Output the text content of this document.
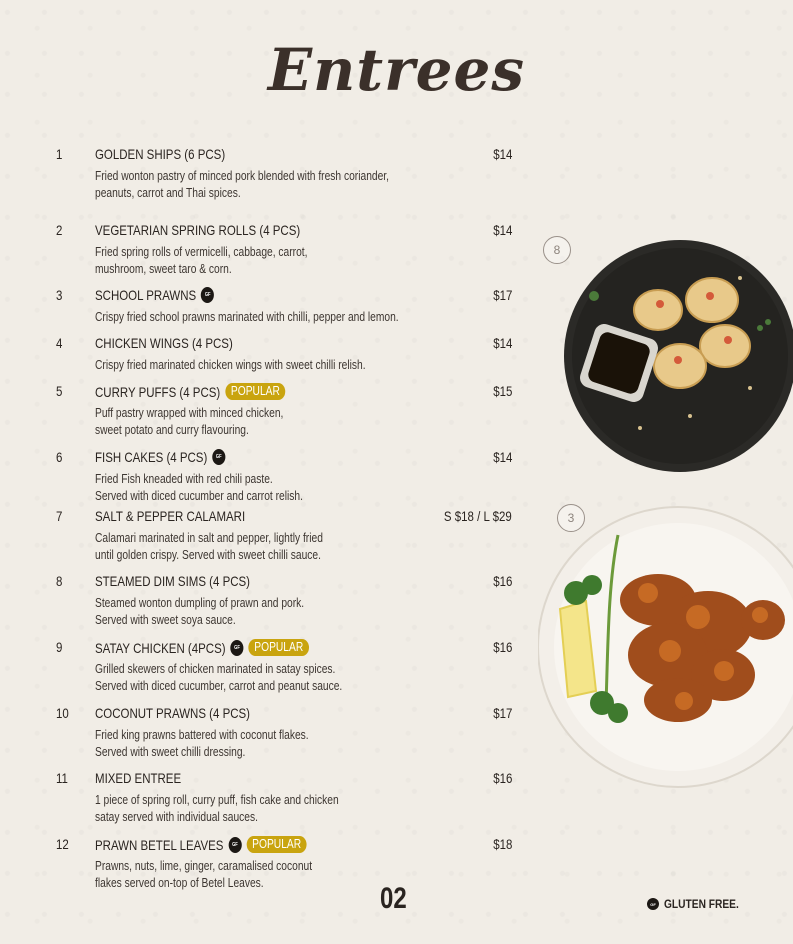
Entrees
1 GOLDEN SHIPS (6 PCS)	$14
Fried wonton pastry of minced pork blended with fresh coriander,
peanuts, carrot and Thai spices.
2 VEGETARIAN SPRING ROLLS (4 PCS)	$14
Fried spring rolls of vermicelli, cabbage, carrot,
mushroom, sweet taro & corn.
3 SCHOOL PRAWNS	GF	$17
Crispy fried school prawns marinated with chilli, pepper and lemon.
4 CHICKEN WINGS (4 PCS)	$14
Crispy fried marinated chicken wings with sweet chilli relish.
5 CURRY PUFFS (4 PCS) POPULAR	$15
Puff pastry wrapped with minced chicken,
sweet potato and curry flavouring.
6 FISH CAKES (4 PCS)	GF	$14
Fried Fish kneaded with red chili paste.
Served with diced cucumber and carrot relish.
7 SALT & PEPPER CALAMARI	S $18 / L $29
Calamari marinated in salt and pepper, lightly fried
until golden crispy. Served with sweet chilli sauce.
8 STEAMED DIM SIMS (4 PCS)	$16
Steamed wonton dumpling of prawn and pork.
Served with sweet soya sauce.
9 SATAY CHICKEN (4PCS)	GF	POPULAR	$16
Grilled skewers of chicken marinated in satay spices.
Served with diced cucumber, carrot and peanut sauce.
10 COCONUT PRAWNS (4 PCS)	$17
Fried king prawns battered with coconut flakes.
Served with sweet chilli dressing.
11 MIXED ENTREE	$16
1 piece of spring roll, curry puff, fish cake and chicken
satay served with individual sauces.
12 PRAWN BETEL LEAVES	GF	POPULAR	$18
Prawns, nuts, lime, ginger, caramalised coconut
flakes served on-top of Betel Leaves.
8
3
02	GF GLUTEN FREE.
